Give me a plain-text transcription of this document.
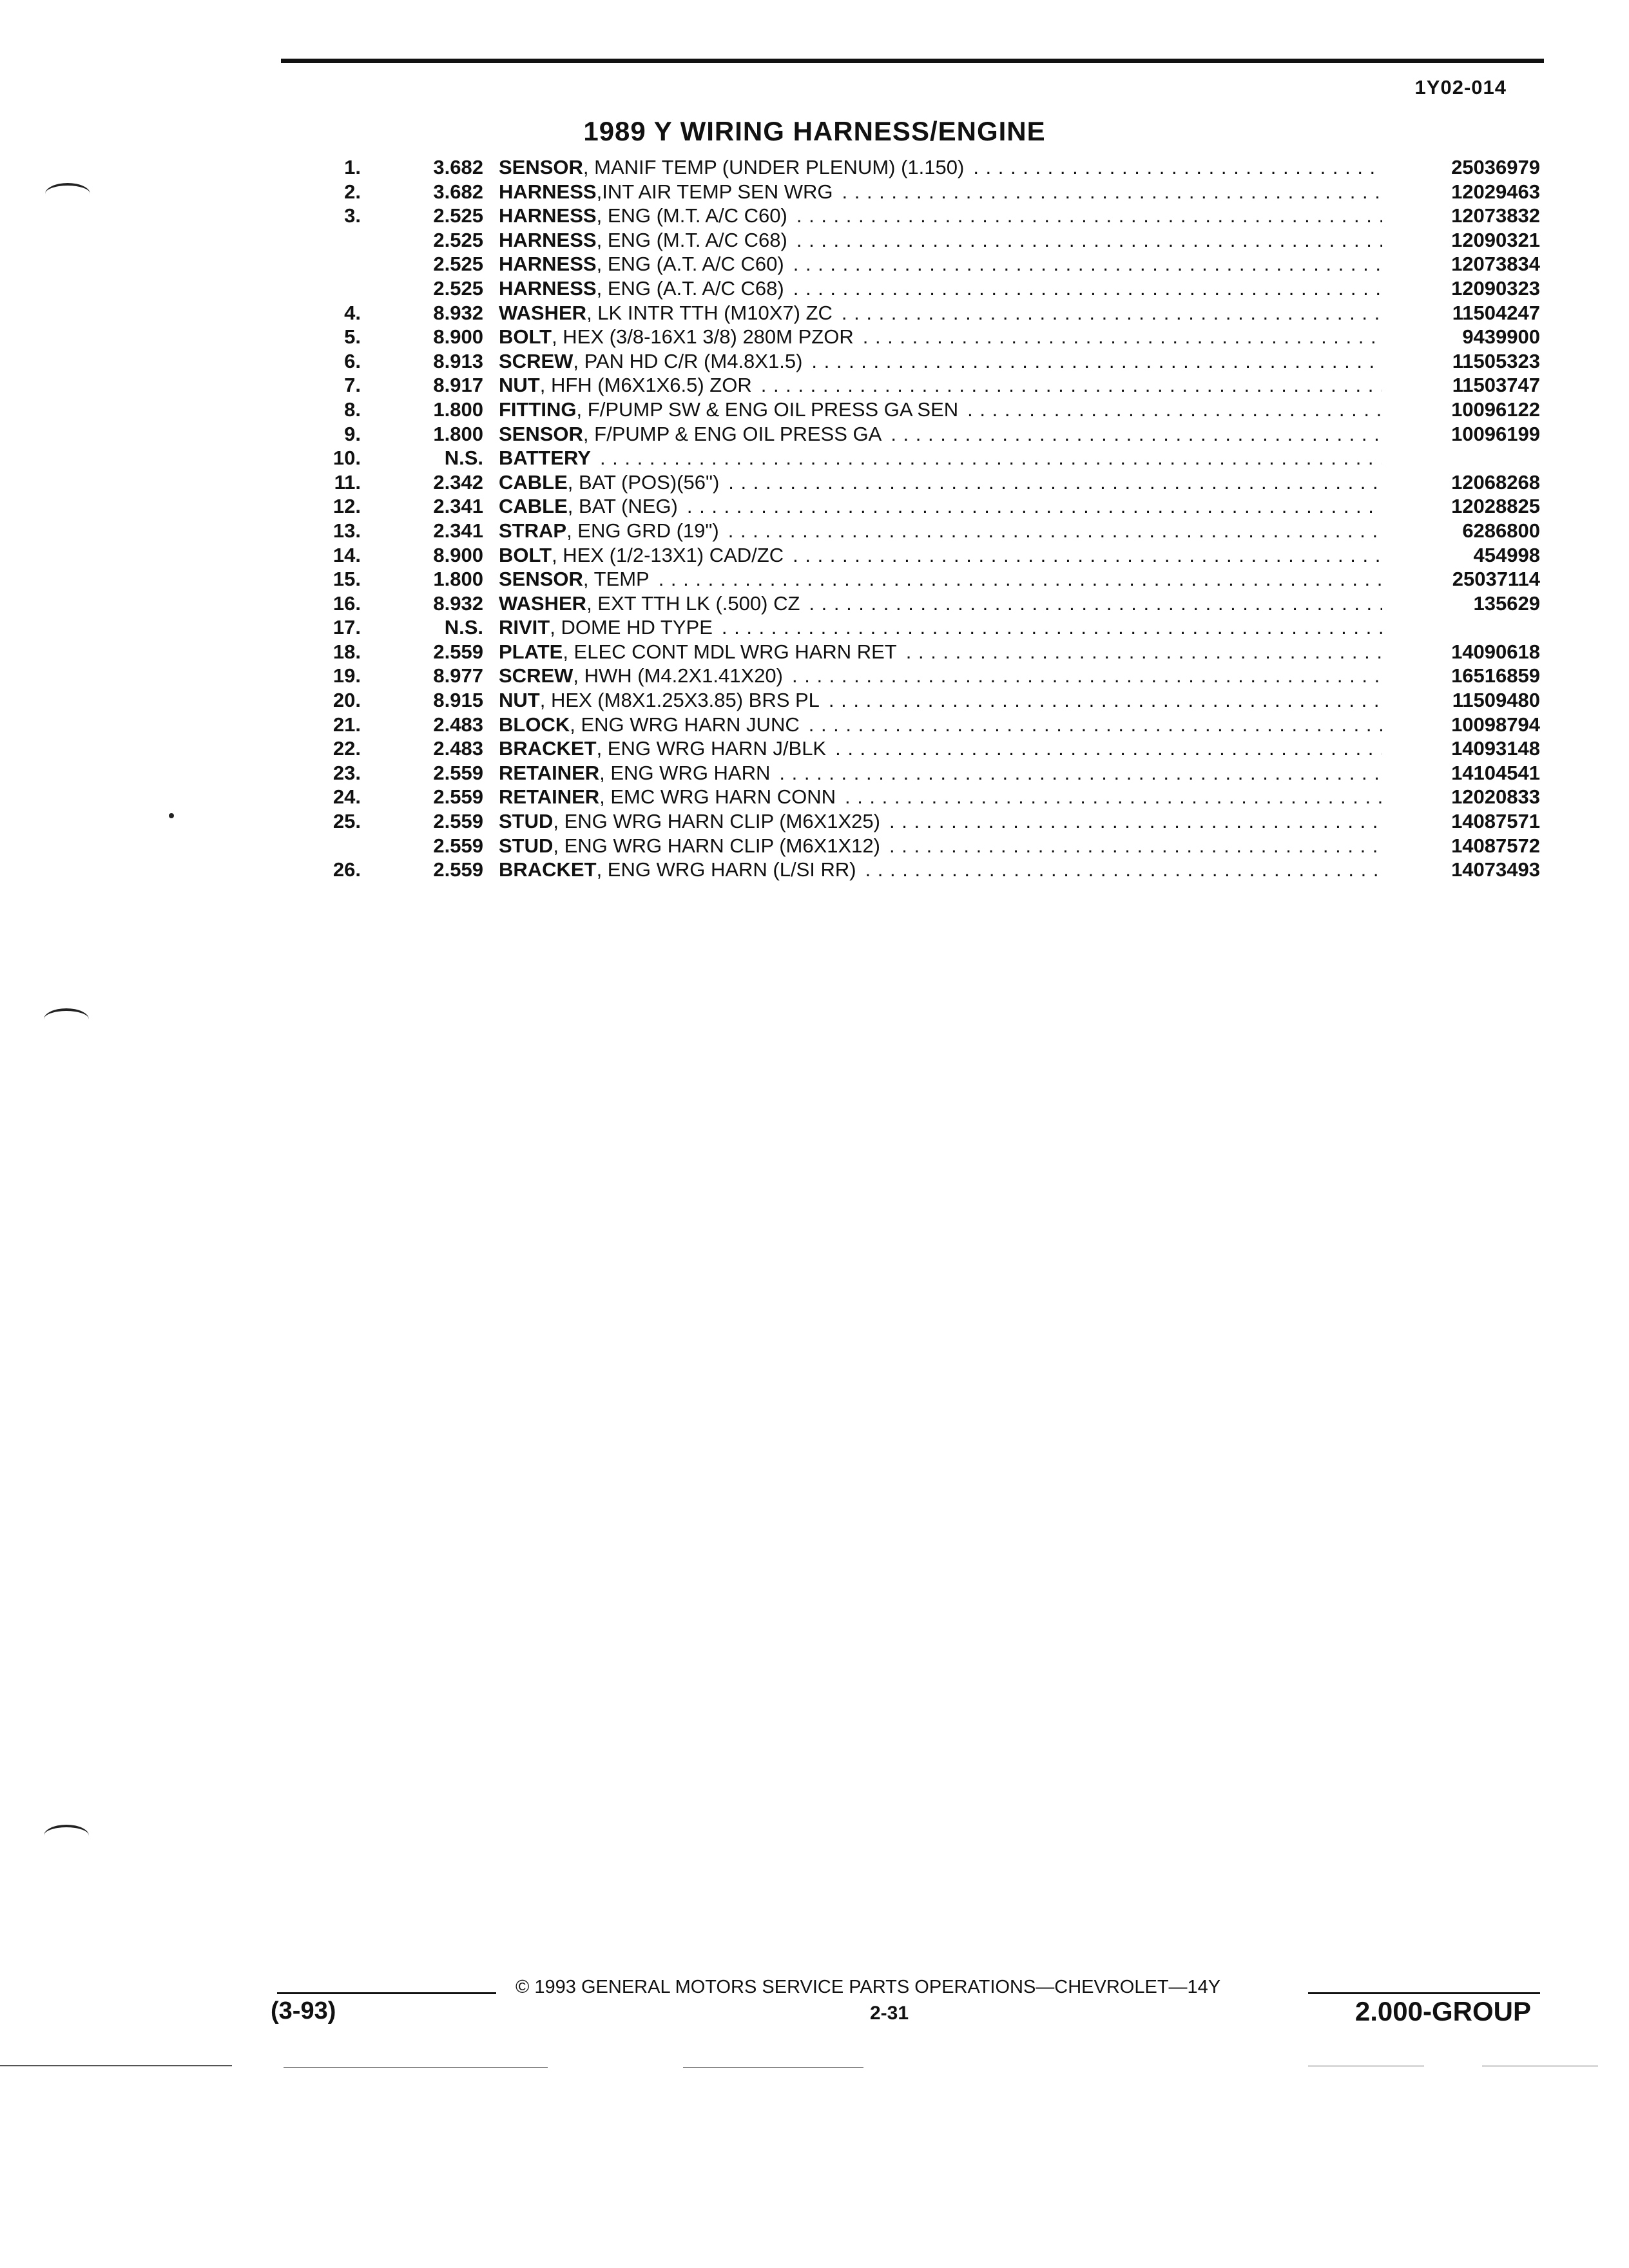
1Y02-014
1989 Y WIRING HARNESS/ENGINE
1.	3.682 SENSOR, MANIF TEMP (UNDER PLENUM) (1.150) . . .	25036979
2.	3.682 HARNESS,INT AIR TEMP SEN WRG . . .	12029463
3.	2.525 HARNESS, ENG (M.T. A/C C60) . . .	12073832
2.525 HARNESS, ENG (M.T. A/C C68) . . .	12090321
2.525 HARNESS, ENG (A.T. A/C C60) . . .	12073834
2.525 HARNESS, ENG (A.T. A/C C68) . . .	12090323
4.	8.932 WASHER, LK INTR TTH (M10X7) ZC . . .	11504247
5.	8.900 BOLT, HEX (3/8-16X1 3/8) 280M PZOR . . .	9439900
6.	8.913 SCREW, PAN HD C/R (M4.8X1.5) . . .	11505323
7.	8.917 NUT, HFH (M6X1X6.5) ZOR . . .	11503747
8.	1.800 FITTING, F/PUMP SW & ENG OIL PRESS GA SEN . . .	10096122
9.	1.800 SENSOR, F/PUMP & ENG OIL PRESS GA . . .	10096199
10.	N.S. BATTERY . . .
11.	2.342 CABLE, BAT (POS)(56") . . .	12068268
12.	2.341 CABLE, BAT (NEG) . . .	12028825
13.	2.341 STRAP, ENG GRD (19") . . .	6286800
14.	8.900 BOLT, HEX (1/2-13X1) CAD/ZC . . .	454998
15.	1.800 SENSOR, TEMP . . .	25037114
16.	8.932 WASHER, EXT TTH LK (.500) CZ . . .	135629
17.	N.S. RIVIT, DOME HD TYPE . . .
18.	2.559 PLATE, ELEC CONT MDL WRG HARN RET . . .	14090618
19.	8.977 SCREW, HWH (M4.2X1.41X20) . . .	16516859
20.	8.915 NUT, HEX (M8X1.25X3.85) BRS PL . . .	11509480
21.	2.483 BLOCK, ENG WRG HARN JUNC . . .	10098794
22.	2.483 BRACKET, ENG WRG HARN J/BLK . . .	14093148
23.	2.559 RETAINER, ENG WRG HARN . . .	14104541
24.	2.559 RETAINER, EMC WRG HARN CONN . . .	12020833
25.	2.559 STUD, ENG WRG HARN CLIP (M6X1X25) . . .	14087571
2.559 STUD, ENG WRG HARN CLIP (M6X1X12) . . .	14087572
26.	2.559 BRACKET, ENG WRG HARN (L/SI RR) . . .	14073493
© 1993 GENERAL MOTORS SERVICE PARTS OPERATIONS—CHEVROLET—14Y
(3-93)	2-31	2.000-GROUP
